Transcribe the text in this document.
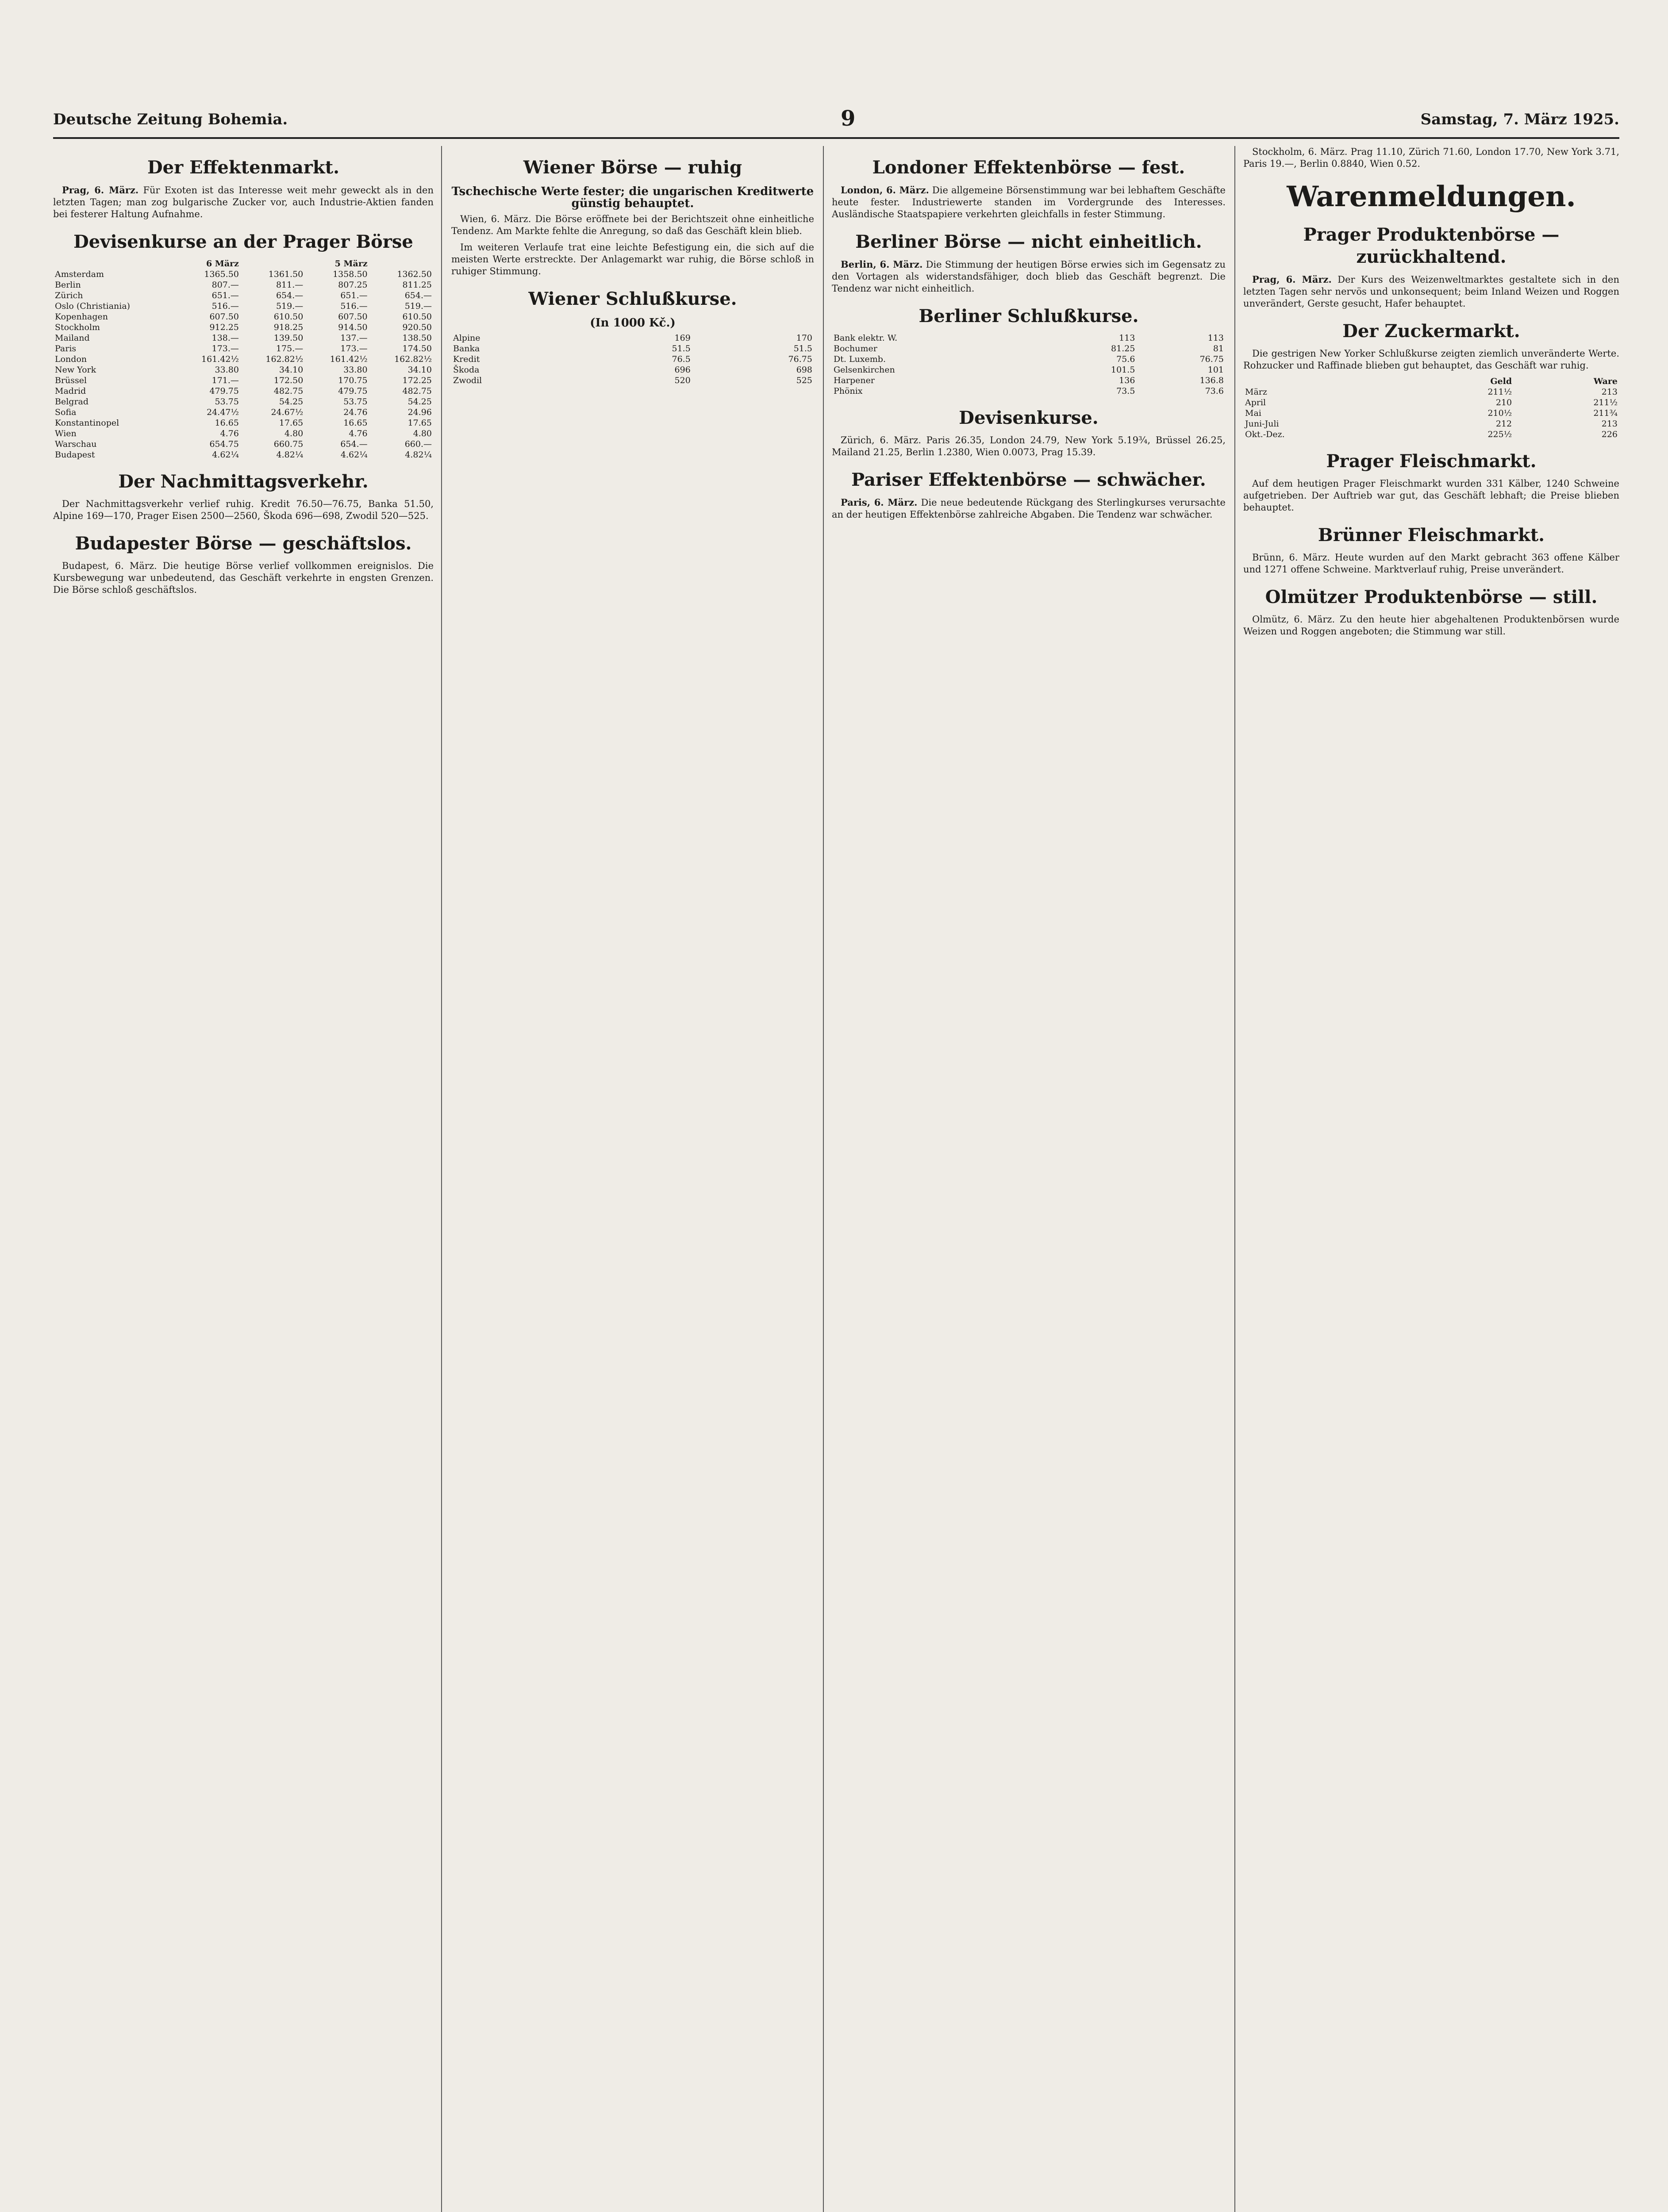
Deutsche Zeitung Bohemia.	9	Samstag, 7. März 1925.
Der Effektenmarkt.

Prag, 6. März. Für Exoten ist das Interesse weit mehr geweckt als in den letzten Tagen; man zog bulgarische Zucker vor, auch Industrie-Aktien fanden bei festerer Haltung Aufnahme.

Devisenkurse an der Prager Börse
	6 März		5 März	
Amsterdam	1365.50	1361.50	1358.50	1362.50
Berlin	807.—	811.—	807.25	811.25
Zürich	651.—	654.—	651.—	654.—
Oslo (Christiania)	516.—	519.—	516.—	519.—
Kopenhagen	607.50	610.50	607.50	610.50
Stockholm	912.25	918.25	914.50	920.50
Mailand	138.—	139.50	137.—	138.50
Paris	173.—	175.—	173.—	174.50
London	161.42½	162.82½	161.42½	162.82½
New York	33.80	34.10	33.80	34.10
Brüssel	171.—	172.50	170.75	172.25
Madrid	479.75	482.75	479.75	482.75
Belgrad	53.75	54.25	53.75	54.25
Sofia	24.47½	24.67½	24.76	24.96
Konstantinopel	16.65	17.65	16.65	17.65
Wien	4.76	4.80	4.76	4.80
Warschau	654.75	660.75	654.—	660.—
Budapest	4.62¼	4.82¼	4.62¼	4.82¼
Der Nachmittagsverkehr.

Der Nachmittagsverkehr verlief ruhig. Kredit 76.50—76.75, Banka 51.50, Alpine 169—170, Prager Eisen 2500—2560, Škoda 696—698, Zwodil 520—525.

Budapester Börse — geschäftslos.

Budapest, 6. März. Die heutige Börse verlief vollkommen ereignislos. Die Kursbewegung war unbedeutend, das Geschäft verkehrte in engsten Grenzen. Die Börse schloß geschäftslos.

Wiener Börse — ruhig
Tschechische Werte fester; die ungarischen Kreditwerte günstig behauptet.

Wien, 6. März. Die Börse eröffnete bei der Berichtszeit ohne einheitliche Tendenz. Am Markte fehlte die Anregung, so daß das Geschäft klein blieb.

Im weiteren Verlaufe trat eine leichte Befestigung ein, die sich auf die meisten Werte erstreckte. Der Anlagemarkt war ruhig, die Börse schloß in ruhiger Stimmung.

Wiener Schlußkurse.
(In 1000 Kč.)
Alpine	169	170
Banka	51.5	51.5
Kredit	76.5	76.75
Škoda	696	698
Zwodil	520	525
Londoner Effektenbörse — fest.

London, 6. März. Die allgemeine Börsenstimmung war bei lebhaftem Geschäfte heute fester. Industriewerte standen im Vordergrunde des Interesses. Ausländische Staatspapiere verkehrten gleichfalls in fester Stimmung.

Berliner Börse — nicht einheitlich.

Berlin, 6. März. Die Stimmung der heutigen Börse erwies sich im Gegensatz zu den Vortagen als widerstandsfähiger, doch blieb das Geschäft begrenzt. Die Tendenz war nicht einheitlich.

Berliner Schlußkurse.
Bank elektr. W.	113	113
Bochumer	81.25	81
Dt. Luxemb.	75.6	76.75
Gelsenkirchen	101.5	101
Harpener	136	136.8
Phönix	73.5	73.6
Devisenkurse.

Zürich, 6. März. Paris 26.35, London 24.79, New York 5.19¾, Brüssel 26.25, Mailand 21.25, Berlin 1.2380, Wien 0.0073, Prag 15.39.

Pariser Effektenbörse — schwächer.

Paris, 6. März. Die neue bedeutende Rückgang des Sterlingkurses verursachte an der heutigen Effektenbörse zahlreiche Abgaben. Die Tendenz war schwächer.

Stockholm, 6. März. Prag 11.10, Zürich 71.60, London 17.70, New York 3.71, Paris 19.—, Berlin 0.8840, Wien 0.52.

Warenmeldungen.
Prager Produktenbörse — zurückhaltend.

Prag, 6. März. Der Kurs des Weizenweltmarktes gestaltete sich in den letzten Tagen sehr nervös und unkonsequent; beim Inland Weizen und Roggen unverändert, Gerste gesucht, Hafer behauptet.

Der Zuckermarkt.

Die gestrigen New Yorker Schlußkurse zeigten ziemlich unveränderte Werte. Rohzucker und Raffinade blieben gut behauptet, das Geschäft war ruhig.

	Geld	Ware
März	211½	213
April	210	211½
Mai	210½	211¾
Juni-Juli	212	213
Okt.-Dez.	225½	226
Prager Fleischmarkt.

Auf dem heutigen Prager Fleischmarkt wurden 331 Kälber, 1240 Schweine aufgetrieben. Der Auftrieb war gut, das Geschäft lebhaft; die Preise blieben behauptet.

Brünner Fleischmarkt.

Brünn, 6. März. Heute wurden auf den Markt gebracht 363 offene Kälber und 1271 offene Schweine. Marktverlauf ruhig, Preise unverändert.

Olmützer Produktenbörse — still.

Olmütz, 6. März. Zu den heute hier abgehaltenen Produktenbörsen wurde Weizen und Roggen angeboten; die Stimmung war still.
